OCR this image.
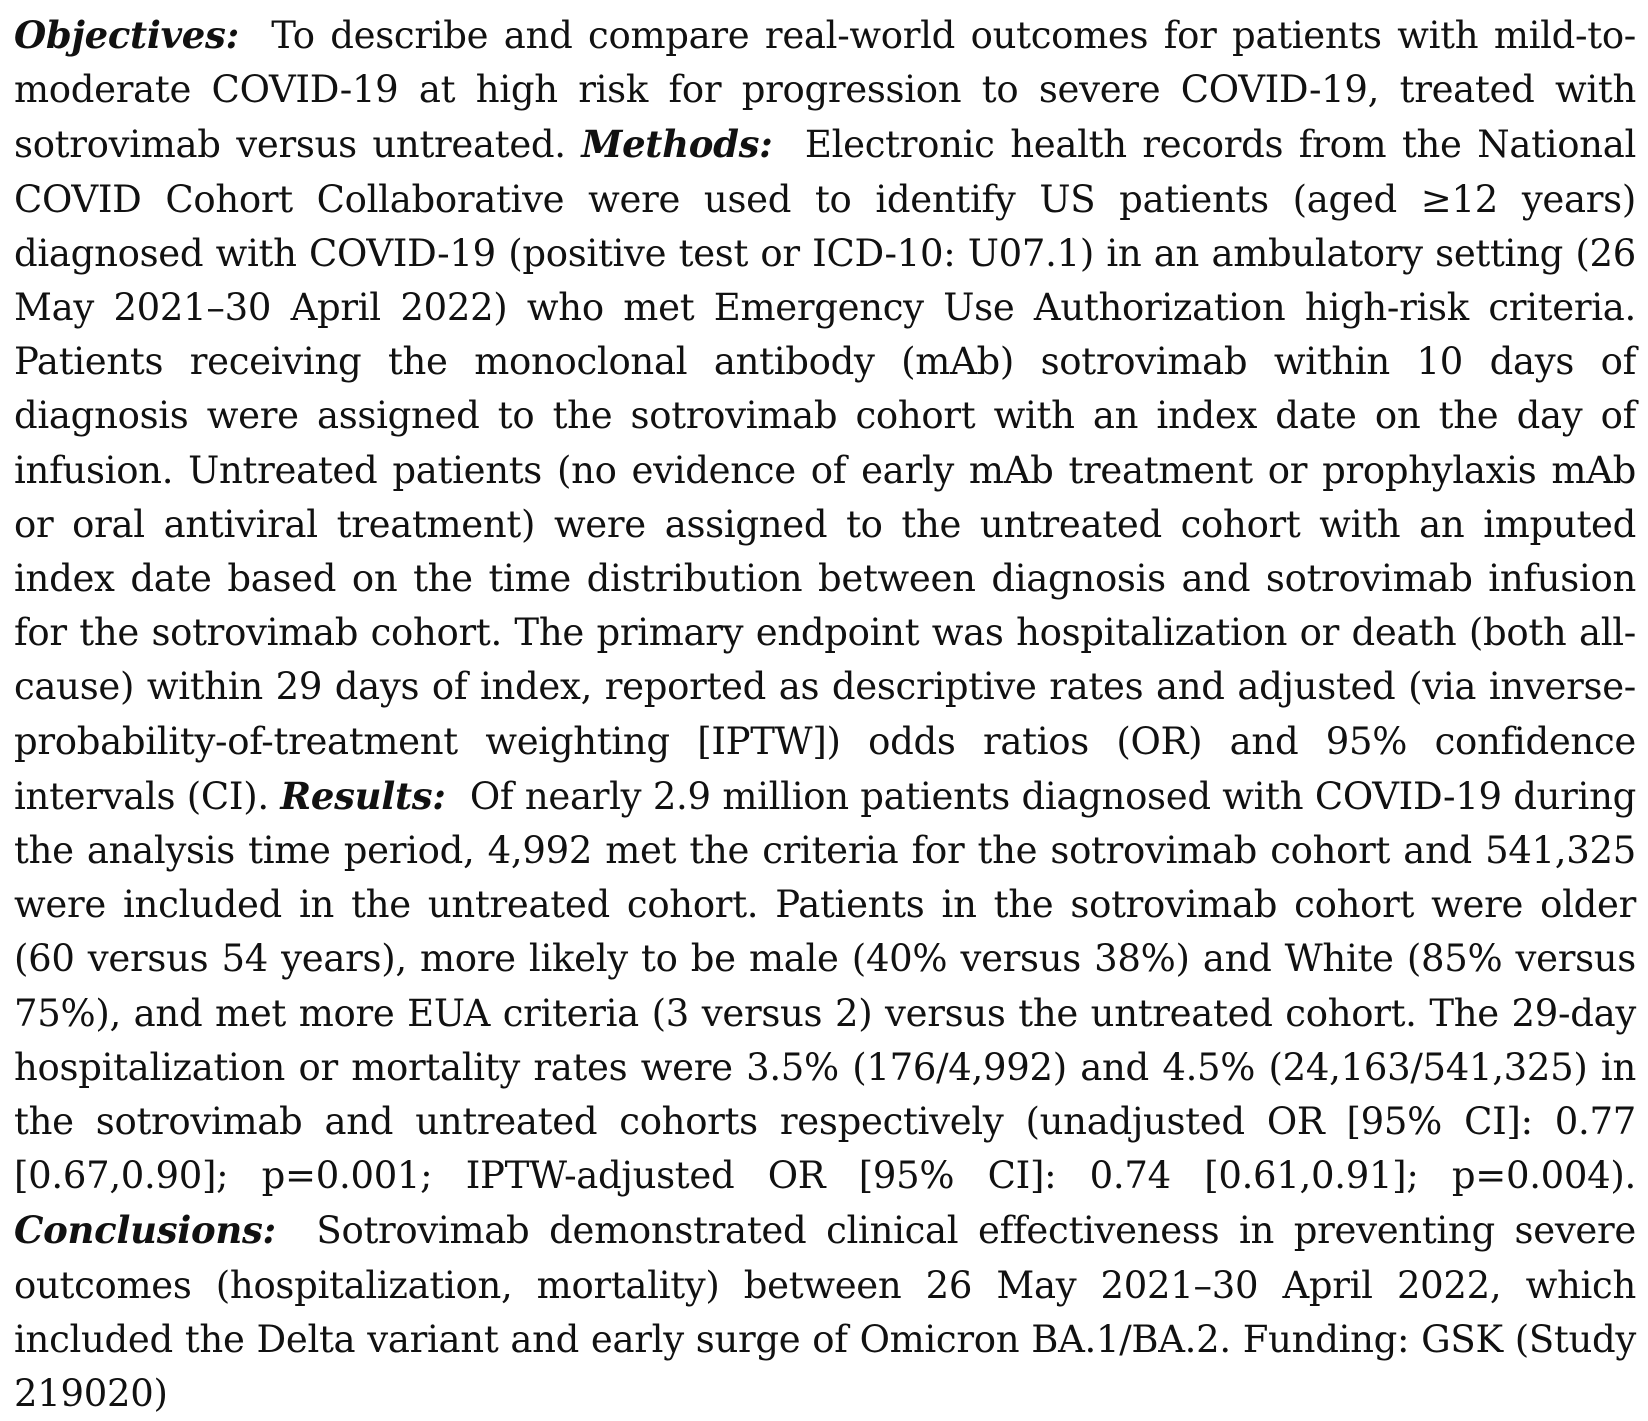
Objectives:  To describe and compare real-world outcomes for patients with mild-to-moderate COVID-19 at high risk for progression to severe COVID-19, treated with sotrovimab versus untreated. Methods:  Electronic health records from the National COVID Cohort Collaborative were used to identify US patients (aged ≥12 years) diagnosed with COVID-19 (positive test or ICD-10: U07.1) in an ambulatory setting (26 May 2021–30 April 2022) who met Emergency Use Authorization high-risk criteria. Patients receiving the monoclonal antibody (mAb) sotrovimab within 10 days of diagnosis were assigned to the sotrovimab cohort with an index date on the day of infusion. Untreated patients (no evidence of early mAb treatment or prophylaxis mAb or oral antiviral treatment) were assigned to the untreated cohort with an imputed index date based on the time distribution between diagnosis and sotrovimab infusion for the sotrovimab cohort. The primary endpoint was hospitalization or death (both all-cause) within 29 days of index, reported as descriptive rates and adjusted (via inverse-probability-of-treatment weighting [IPTW]) odds ratios (OR) and 95% confidence intervals (CI). Results:  Of nearly 2.9 million patients diagnosed with COVID-19 during the analysis time period, 4,992 met the criteria for the sotrovimab cohort and 541,325 were included in the untreated cohort. Patients in the sotrovimab cohort were older (60 versus 54 years), more likely to be male (40% versus 38%) and White (85% versus 75%), and met more EUA criteria (3 versus 2) versus the untreated cohort. The 29-day hospitalization or mortality rates were 3.5% (176/4,992) and 4.5% (24,163/541,325) in the sotrovimab and untreated cohorts respectively (unadjusted OR [95% CI]: 0.77 [0.67,0.90]; p=0.001; IPTW-adjusted OR [95% CI]: 0.74 [0.61,0.91]; p=0.004). Conclusions:  Sotrovimab demonstrated clinical effectiveness in preventing severe outcomes (hospitalization, mortality) between 26 May 2021–30 April 2022, which included the Delta variant and early surge of Omicron BA.1/BA.2. Funding: GSK (Study 219020)
